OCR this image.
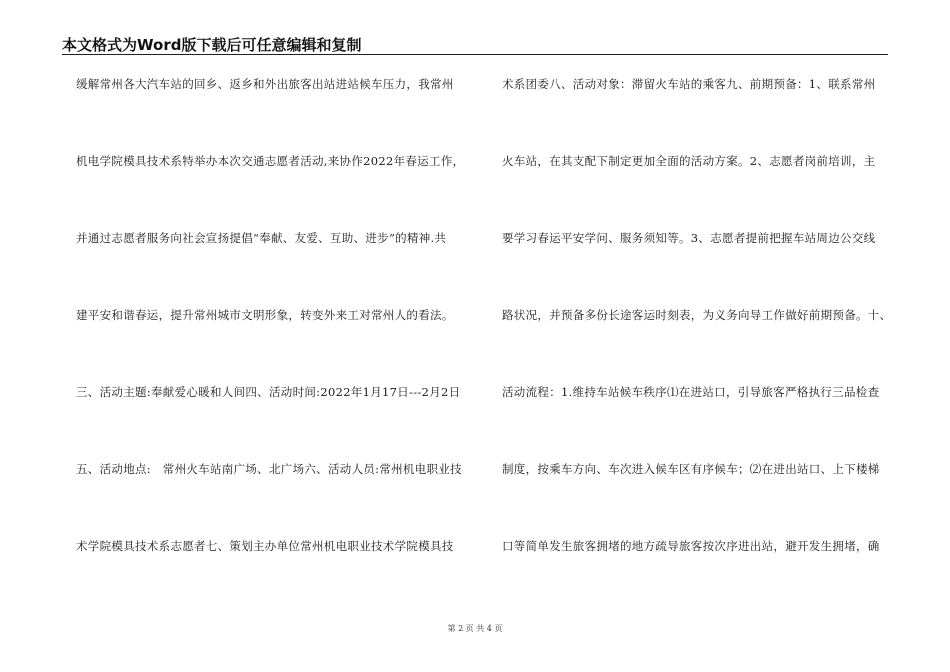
本文格式为Word版下载后可任意编辑和复制
缓解常州各大汽车站的回乡、返乡和外出旅客出站进站候车压力，我常州
机电学院模具技术系特举办本次交通志愿者活动,来协作2022年春运工作，
并通过志愿者服务向社会宣扬提倡“奉献、友爱、互助、进步”的精神.共
建平安和谐春运，提升常州城市文明形象，转变外来工对常州人的看法。
三、活动主题:奉献爱心暖和人间四、活动时间:2022年1月17日---2月2日
五、活动地点:　常州火车站南广场、北广场六、活动人员:常州机电职业技
术学院模具技术系志愿者七、策划主办单位常州机电职业技术学院模具技
术系团委八、活动对象：滞留火车站的乘客九、前期预备：1、联系常州
火车站，在其支配下制定更加全面的活动方案。2、志愿者岗前培训，主
要学习春运平安学问、服务须知等。3、志愿者提前把握车站周边公交线
路状况，并预备多份长途客运时刻表，为义务向导工作做好前期预备。十、
活动流程：1.维持车站候车秩序⑴在进站口，引导旅客严格执行三品检查
制度，按乘车方向、车次进入候车区有序候车；⑵在进出站口、上下楼梯
口等简单发生旅客拥堵的地方疏导旅客按次序进出站，避开发生拥堵，确
第 2 页 共 4 页
